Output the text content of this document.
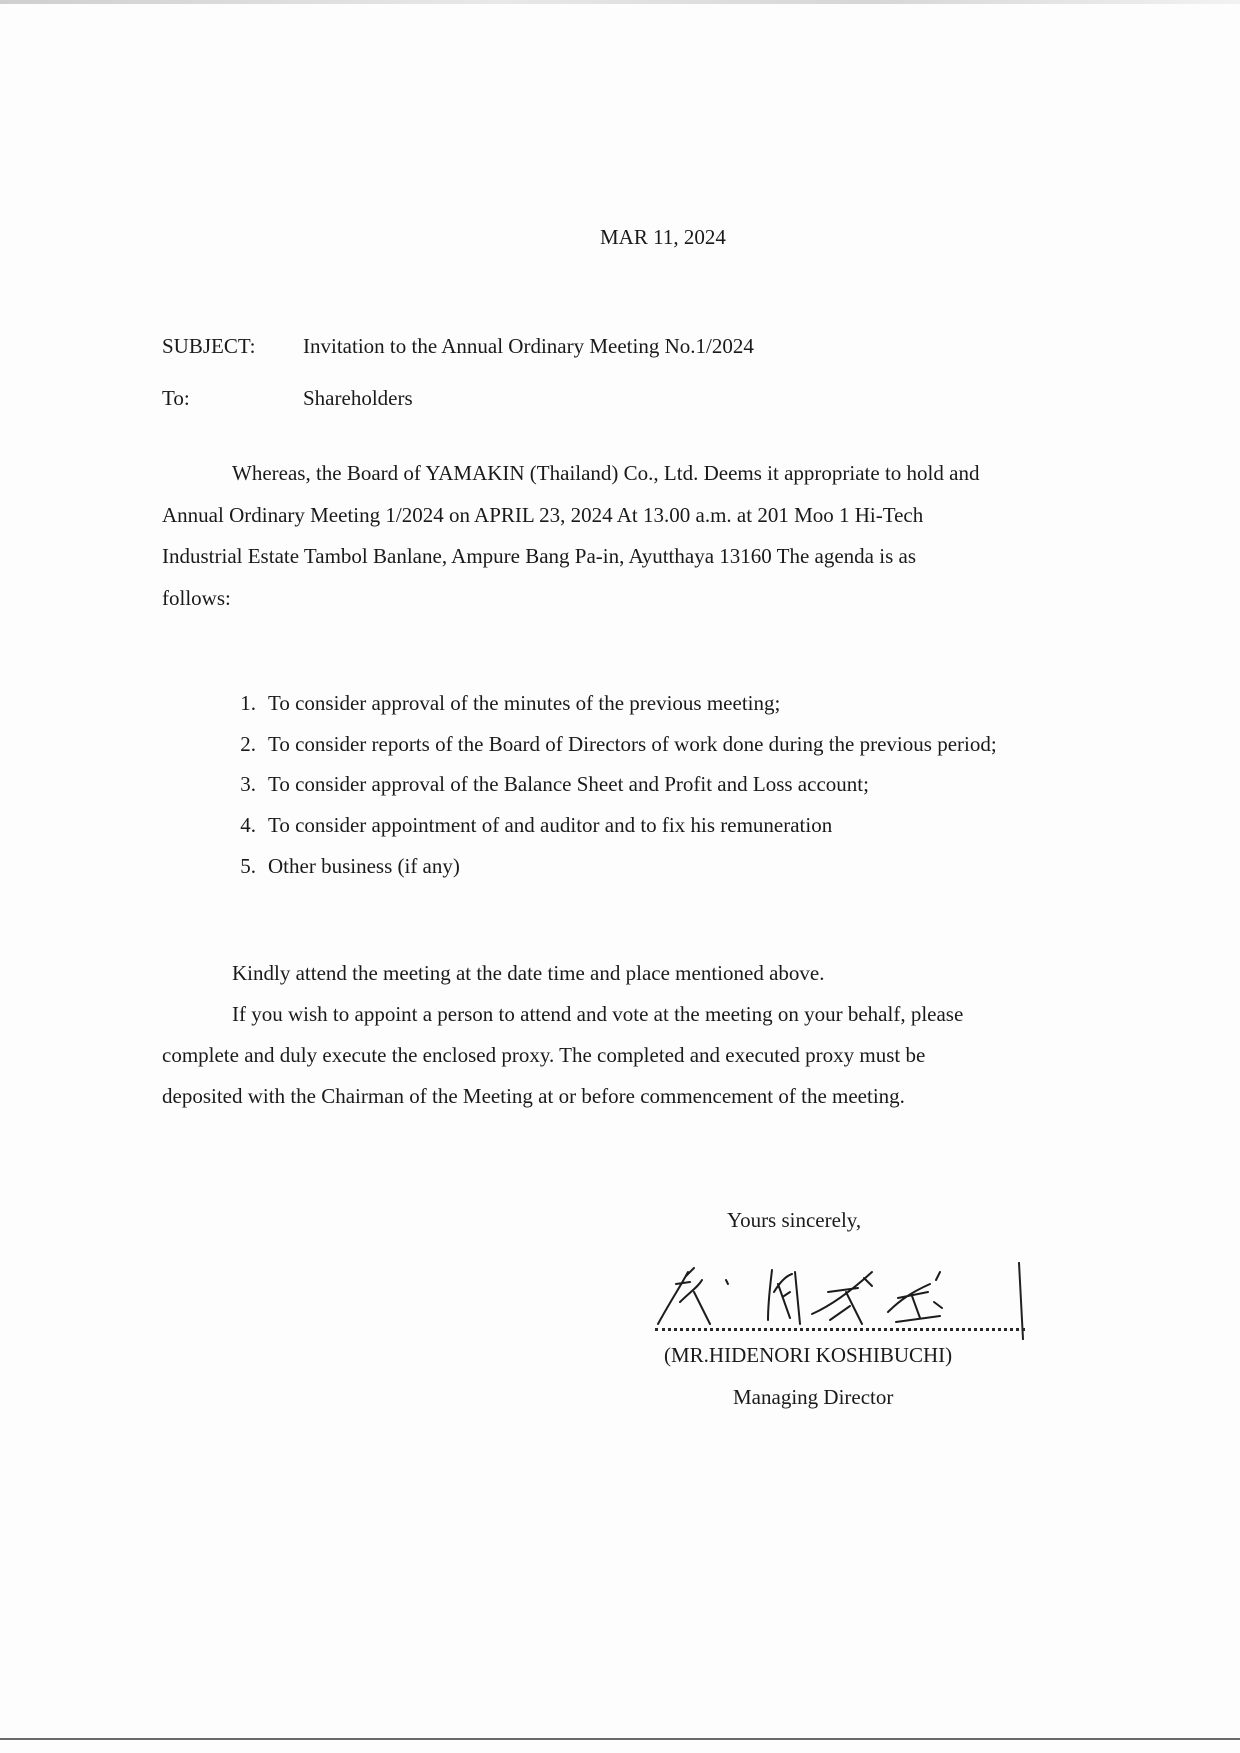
MAR 11, 2024
SUBJECT: Invitation to the Annual Ordinary Meeting No.1/2024
To:	Shareholders
Whereas, the Board of YAMAKIN (Thailand) Co., Ltd. Deems it appropriate to hold and
Annual Ordinary Meeting 1/2024 on APRIL 23, 2024 At 13.00 a.m. at 201 Moo 1 Hi-Tech
Industrial Estate Tambol Banlane, Ampure Bang Pa-in, Ayutthaya 13160 The agenda is as
follows:
1. To consider approval of the minutes of the previous meeting;
2. To consider reports of the Board of Directors of work done during the previous period;
3. To consider approval of the Balance Sheet and Profit and Loss account;
4. To consider appointment of and auditor and to fix his remuneration
5. Other business (if any)
Kindly attend the meeting at the date time and place mentioned above.
If you wish to appoint a person to attend and vote at the meeting on your behalf, please
complete and duly execute the enclosed proxy. The completed and executed proxy must be
deposited with the Chairman of the Meeting at or before commencement of the meeting.
Yours sincerely,
(MR.HIDENORI KOSHIBUCHI)
Managing Director
